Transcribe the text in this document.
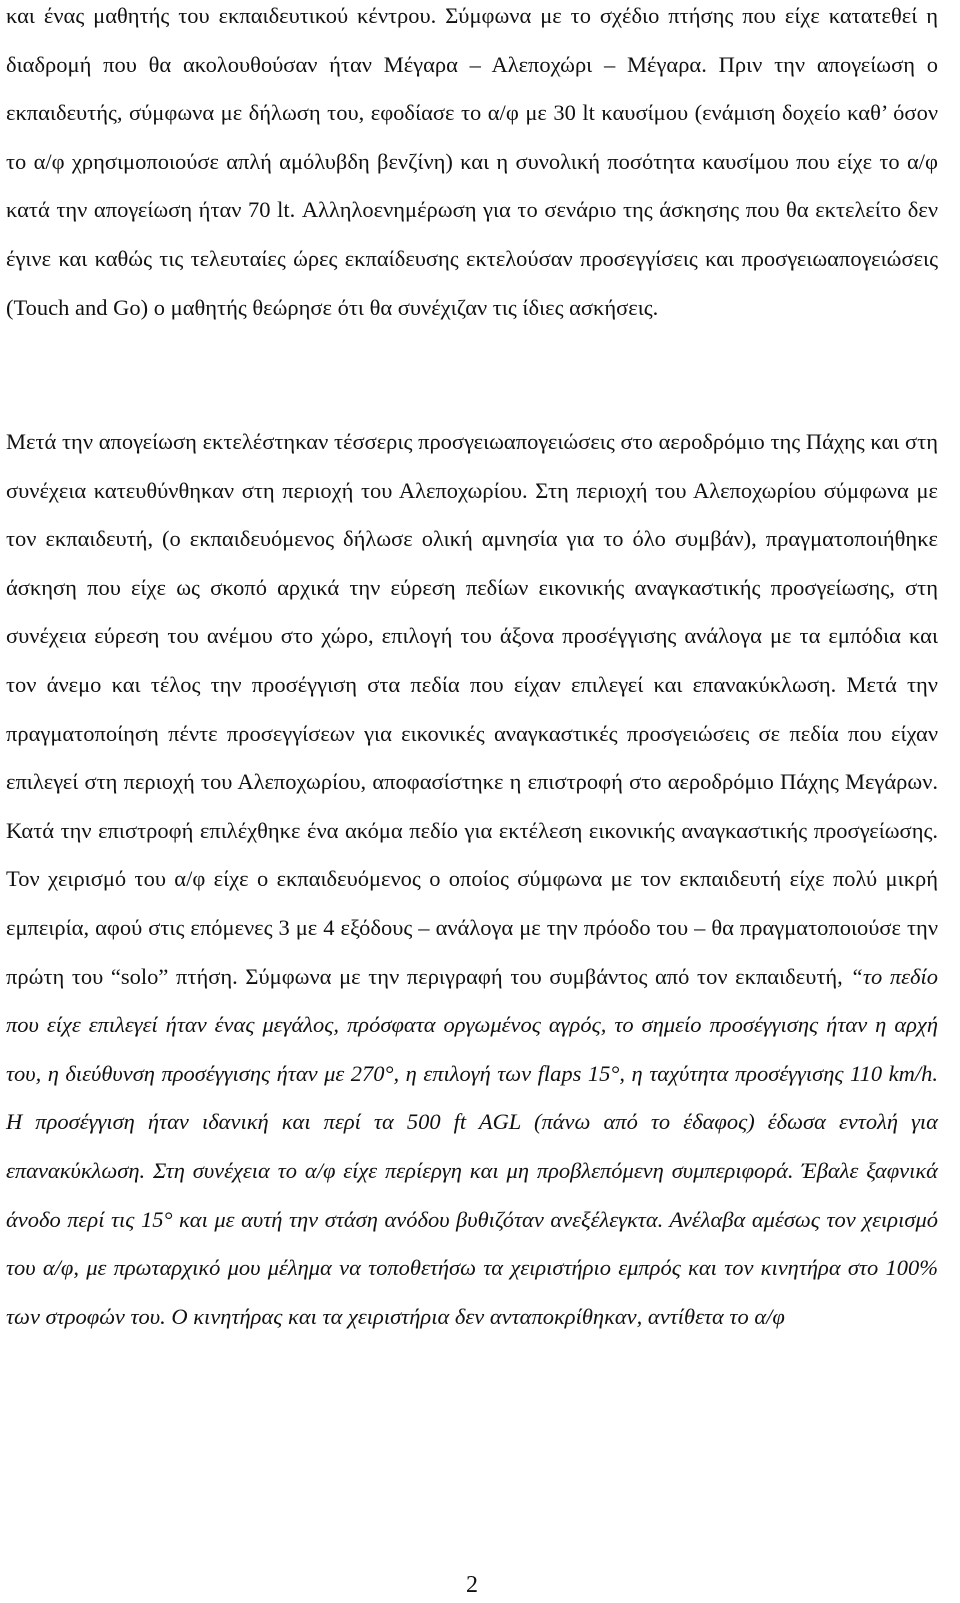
και ένας μαθητής του εκπαιδευτικού κέντρου. Σύμφωνα με το σχέδιο πτήσης που είχε κατατεθεί η διαδρομή που θα ακολουθούσαν ήταν Μέγαρα – Αλεποχώρι – Μέγαρα. Πριν την απογείωση ο εκπαιδευτής, σύμφωνα με δήλωση του, εφοδίασε το α/φ με 30 lt καυσίμου (ενάμιση δοχείο καθ’ όσον το α/φ χρησιμοποιούσε απλή αμόλυβδη βενζίνη) και η συνολική ποσότητα καυσίμου που είχε το α/φ κατά την απογείωση ήταν 70 lt. Αλληλοενημέρωση για το σενάριο της άσκησης που θα εκτελείτο δεν έγινε και καθώς τις τελευταίες ώρες εκπαίδευσης εκτελούσαν προσεγγίσεις και προσγειωαπογειώσεις (Touch and Go) ο μαθητής θεώρησε ότι θα συνέχιζαν τις ίδιες ασκήσεις.

Μετά την απογείωση εκτελέστηκαν τέσσερις προσγειωαπογειώσεις στο αεροδρόμιο της Πάχης και στη συνέχεια κατευθύνθηκαν στη περιοχή του Αλεποχωρίου. Στη περιοχή του Αλεποχωρίου σύμφωνα με τον εκπαιδευτή, (ο εκπαιδευόμενος δήλωσε ολική αμνησία για το όλο συμβάν), πραγματοποιήθηκε άσκηση που είχε ως σκοπό αρχικά την εύρεση πεδίων εικονικής αναγκαστικής προσγείωσης, στη συνέχεια εύρεση του ανέμου στο χώρο, επιλογή του άξονα προσέγγισης ανάλογα με τα εμπόδια και τον άνεμο και τέλος την προσέγγιση στα πεδία που είχαν επιλεγεί και επανακύκλωση. Μετά την πραγματοποίηση πέντε προσεγγίσεων για εικονικές αναγκαστικές προσγειώσεις σε πεδία που είχαν επιλεγεί στη περιοχή του Αλεποχωρίου, αποφασίστηκε η επιστροφή στο αεροδρόμιο Πάχης Μεγάρων. Κατά την επιστροφή επιλέχθηκε ένα ακόμα πεδίο για εκτέλεση εικονικής αναγκαστικής προσγείωσης. Τον χειρισμό του α/φ είχε ο εκπαιδευόμενος ο οποίος σύμφωνα με τον εκπαιδευτή είχε πολύ μικρή εμπειρία, αφού στις επόμενες 3 με 4 εξόδους – ανάλογα με την πρόοδο του – θα πραγματοποιούσε την πρώτη του “solo” πτήση. Σύμφωνα με την περιγραφή του συμβάντος από τον εκπαιδευτή, “το πεδίο που είχε επιλεγεί ήταν ένας μεγάλος, πρόσφατα οργωμένος αγρός, το σημείο προσέγγισης ήταν η αρχή του, η διεύθυνση προσέγγισης ήταν με 270°, η επιλογή των flaps 15°, η ταχύτητα προσέγγισης 110 km/h. Η προσέγγιση ήταν ιδανική και περί τα 500 ft AGL (πάνω από το έδαφος) έδωσα εντολή για επανακύκλωση. Στη συνέχεια το α/φ είχε περίεργη και μη προβλεπόμενη συμπεριφορά. Έβαλε ξαφνικά άνοδο περί τις 15° και με αυτή την στάση ανόδου βυθιζόταν ανεξέλεγκτα. Ανέλαβα αμέσως τον χειρισμό του α/φ, με πρωταρχικό μου μέλημα να τοποθετήσω τα χειριστήριο εμπρός και τον κινητήρα στο 100% των στροφών του. Ο κινητήρας και τα χειριστήρια δεν ανταποκρίθηκαν, αντίθετα το α/φ

2
